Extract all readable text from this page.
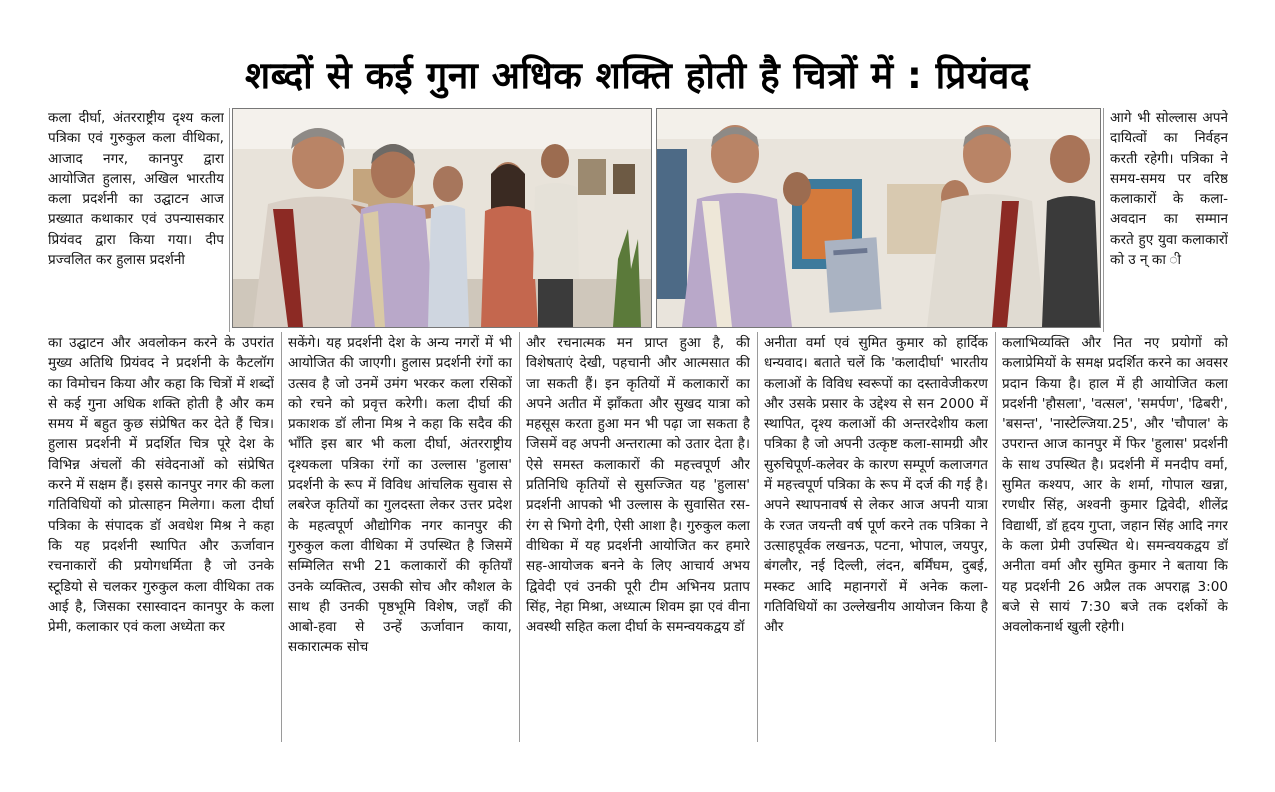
शब्दों से कई गुना अधिक शक्ति होती है चित्रों में : प्रियंवद

कला दीर्घा, अंतरराष्ट्रीय दृश्य कला पत्रिका एवं गुरुकुल कला वीथिका, आजाद नगर, कानपुर द्वारा आयोजित हुलास, अखिल भारतीय कला प्रदर्शनी का उद्घाटन आज प्रख्यात कथाकार एवं उपन्यासकार प्रियंवद द्वारा किया गया। दीप प्रज्वलित कर हुलास प्रदर्शनी

का उद्घाटन और अवलोकन करने के उपरांत मुख्य अतिथि प्रियंवद ने प्रदर्शनी के कैटलॉग का विमोचन किया और कहा कि चित्रों में शब्दों से कई गुना अधिक शक्ति होती है और कम समय में बहुत कुछ संप्रेषित कर देते हैं चित्र। हुलास प्रदर्शनी में प्रदर्शित चित्र पूरे देश के विभिन्न अंचलों की संवेदनाओं को संप्रेषित करने में सक्षम हैं। इससे कानपुर नगर की कला गतिविधियों को प्रोत्साहन मिलेगा। कला दीर्घा पत्रिका के संपादक डॉ अवधेश मिश्र ने कहा कि यह प्रदर्शनी स्थापित और ऊर्जावान रचनाकारों की प्रयोगधर्मिता है जो उनके स्टूडियो से चलकर गुरुकुल कला वीथिका तक आई है, जिसका रसास्वादन कानपुर के कला प्रेमी, कलाकार एवं कला अध्येता कर

सकेंगे। यह प्रदर्शनी देश के अन्य नगरों में भी आयोजित की जाएगी। हुलास प्रदर्शनी रंगों का उत्सव है जो उनमें उमंग भरकर कला रसिकों को रचने को प्रवृत्त करेगी। कला दीर्घा की प्रकाशक डॉ लीना मिश्र ने कहा कि सदैव की भाँति इस बार भी कला दीर्घा, अंतरराष्ट्रीय दृश्यकला पत्रिका रंगों का उल्लास 'हुलास' प्रदर्शनी के रूप में विविध आंचलिक सुवास से लबरेज कृतियों का गुलदस्ता लेकर उत्तर प्रदेश के महत्वपूर्ण औद्योगिक नगर कानपुर की गुरुकुल कला वीथिका में उपस्थित है जिसमें सम्मिलित सभी 21 कलाकारों की कृतियाँ उनके व्यक्तित्व, उसकी सोच और कौशल के साथ ही उनकी पृष्ठभूमि विशेष, जहाँ की आबो-हवा से उन्हें ऊर्जावान काया, सकारात्मक सोच

और रचनात्मक मन प्राप्त हुआ है, की विशेषताएं देखी, पहचानी और आत्मसात की जा सकती हैं। इन कृतियों में कलाकारों का अपने अतीत में झाँकता और सुखद यात्रा को महसूस करता हुआ मन भी पढ़ा जा सकता है जिसमें वह अपनी अन्तरात्मा को उतार देता है। ऐसे समस्त कलाकारों की महत्त्वपूर्ण और प्रतिनिधि कृतियों से सुसज्जित यह 'हुलास' प्रदर्शनी आपको भी उल्लास के सुवासित रस-रंग से भिगो देगी, ऐसी आशा है। गुरुकुल कला वीथिका में यह प्रदर्शनी आयोजित कर हमारे सह-आयोजक बनने के लिए आचार्य अभय द्विवेदी एवं उनकी पूरी टीम अभिनय प्रताप सिंह, नेहा मिश्रा, अध्यात्म शिवम झा एवं वीना अवस्थी सहित कला दीर्घा के समन्वयकद्वय डॉ

अनीता वर्मा एवं सुमित कुमार को हार्दिक धन्यवाद। बताते चलें कि 'कलादीर्घा' भारतीय कलाओं के विविध स्वरूपों का दस्तावेजीकरण और उसके प्रसार के उद्देश्य से सन 2000 में स्थापित, दृश्य कलाओं की अन्तरदेशीय कला पत्रिका है जो अपनी उत्कृष्ट कला-सामग्री और सुरुचिपूर्ण-कलेवर के कारण सम्पूर्ण कलाजगत में महत्त्वपूर्ण पत्रिका के रूप में दर्ज की गई है। अपने स्थापनावर्ष से लेकर आज अपनी यात्रा के रजत जयन्ती वर्ष पूर्ण करने तक पत्रिका ने उत्साहपूर्वक लखनऊ, पटना, भोपाल, जयपुर, बंगलौर, नई दिल्ली, लंदन, बर्मिंघम, दुबई, मस्कट आदि महानगरों में अनेक कला-गतिविधियों का उल्लेखनीय आयोजन किया है और

आगे भी सोल्लास अपने दायित्वों का निर्वहन करती रहेगी। पत्रिका ने समय-समय पर वरिष्ठ कलाकारों के कला-अवदान का सम्मान करते हुए युवा कलाकारों को उ न् का ी

कलाभिव्यक्ति और नित नए प्रयोगों को कलाप्रेमियों के समक्ष प्रदर्शित करने का अवसर प्रदान किया है। हाल में ही आयोजित कला प्रदर्शनी 'हौसला', 'वत्सल', 'समर्पण', 'ढिबरी', 'बसन्त', 'नास्टेल्जिया.25', और 'चौपाल' के उपरान्त आज कानपुर में फिर 'हुलास' प्रदर्शनी के साथ उपस्थित है। प्रदर्शनी में मनदीप वर्मा, सुमित कश्यप, आर के शर्मा, गोपाल खन्ना, रणधीर सिंह, अश्वनी कुमार द्विवेदी, शीलेंद्र विद्यार्थी, डॉ हृदय गुप्ता, जहान सिंह आदि नगर के कला प्रेमी उपस्थित थे। समन्वयकद्वय डॉ अनीता वर्मा और सुमित कुमार ने बताया कि यह प्रदर्शनी 26 अप्रैल तक अपराह्न 3:00 बजे से सायं 7:30 बजे तक दर्शकों के अवलोकनार्थ खुली रहेगी।
